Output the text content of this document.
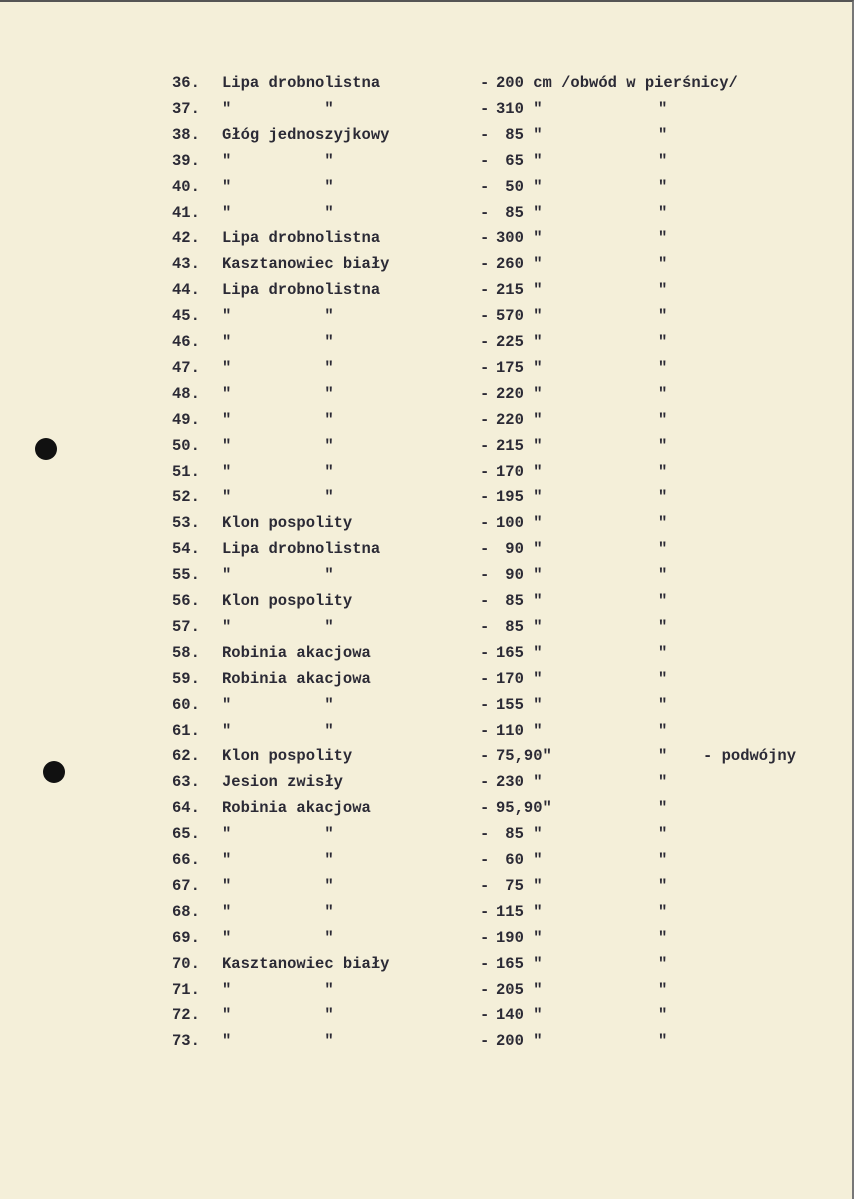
36. Lipa drobnolistna	- 200 cm /obwód w pierśnicy/
37. "          "	- 310 "	"
38. Głóg jednoszyjkowy	- 85 "	"
39. "          "	- 65 "	"
40. "          "	- 50 "	"
41. "          "	- 85 "	"
42. Lipa drobnolistna	- 300 "	"
43. Kasztanowiec biały	- 260 "	"
44. Lipa drobnolistna	- 215 "	"
45. "          "	- 570 "	"
46. "          "	- 225 "	"
47. "          "	- 175 "	"
48. "          "	- 220 "	"
49. "          "	- 220 "	"
50. "          "	- 215 "	"
51. "          "	- 170 "	"
52. "          "	- 195 "	"
53. Klon pospolity	- 100 "	"
54. Lipa drobnolistna	- 90 "	"
55. "          "	- 90 "	"
56. Klon pospolity	- 85 "	"
57. "          "	- 85 "	"
58. Robinia akacjowa	- 165 "	"
59. Robinia akacjowa	- 170 "	"
60. "          "	- 155 "	"
61. "          "	- 110 "	"
62. Klon pospolity	- 75,90"	" - podwójny
63. Jesion zwisły	- 230 "	"
64. Robinia akacjowa	- 95,90"	"
65. "          "	- 85 "	"
66. "          "	- 60 "	"
67. "          "	- 75 "	"
68. "          "	- 115 "	"
69. "          "	- 190 "	"
70. Kasztanowiec biały	- 165 "	"
71. "          "	- 205 "	"
72. "          "	- 140 "	"
73. "          "	- 200 "	"
